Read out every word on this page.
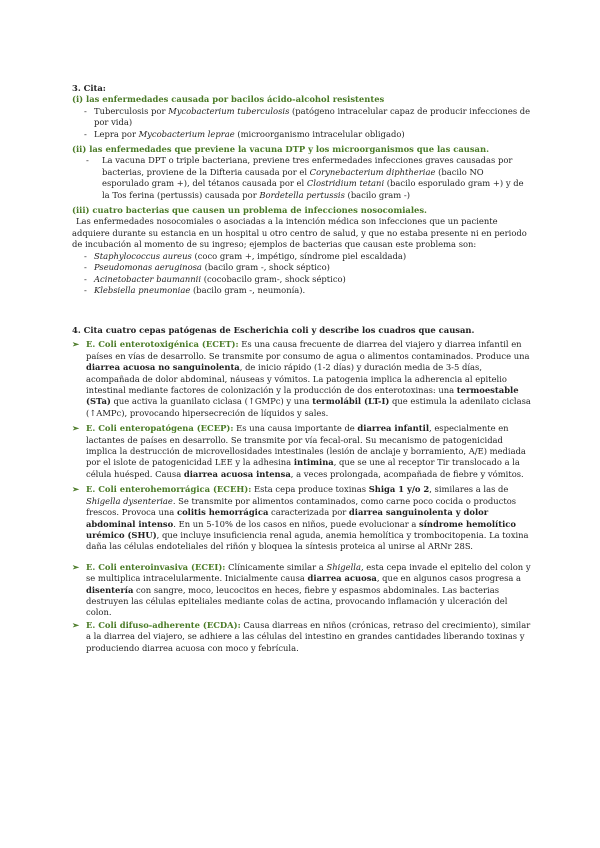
3. Cita:
(i) las enfermedades causada por bacilos ácido-alcohol resistentes
- Tuberculosis por Mycobacterium tuberculosis (patógeno intracelular capaz de producir infecciones de por vida)
- Lepra por Mycobacterium leprae (microorganismo intracelular obligado)
(ii) las enfermedades que previene la vacuna DTP y los microorganismos que las causan.
- La vacuna DPT o triple bacteriana, previene tres enfermedades infecciones graves causadas por bacterias, proviene de la Difteria causada por el Corynebacterium diphtheriae (bacilo NO esporulado gram +), del tétanos causada por el Clostridium tetani (bacilo esporulado gram +) y de la Tos ferina (pertussis) causada por Bordetella pertussis (bacilo gram -)
(iii) cuatro bacterias que causen un problema de infecciones nosocomiales.

Las enfermedades nosocomiales o asociadas a la intención médica son infecciones que un paciente adquiere durante su estancia en un hospital u otro centro de salud, y que no estaba presente ni en periodo de incubación al momento de su ingreso; ejemplos de bacterias que causan este problema son:

- Staphylococcus aureus (coco gram +, impétigo, síndrome piel escaldada)
- Pseudomonas aeruginosa (bacilo gram -, shock séptico)
- Acinetobacter baumannii (cocobacilo gram-, shock séptico)
- Klebsiella pneumoniae (bacilo gram -, neumonía).
4. Cita cuatro cepas patógenas de Escherichia coli y describe los cuadros que causan.
➢ E. Coli enterotoxigénica (ECET): Es una causa frecuente de diarrea del viajero y diarrea infantil en países en vías de desarrollo. Se transmite por consumo de agua o alimentos contaminados. Produce una diarrea acuosa no sanguinolenta, de inicio rápido (1-2 días) y duración media de 3-5 días, acompañada de dolor abdominal, náuseas y vómitos. La patogenia implica la adherencia al epitelio intestinal mediante factores de colonización y la producción de dos enterotoxinas: una termoestable (STa) que activa la guanilato ciclasa (↑GMPc) y una termolábil (LT-I) que estimula la adenilato ciclasa (↑AMPc), provocando hipersecreción de líquidos y sales.
➢ E. Coli enteropatógena (ECEP): Es una causa importante de diarrea infantil, especialmente en lactantes de países en desarrollo. Se transmite por vía fecal-oral. Su mecanismo de patogenicidad implica la destrucción de microvellosidades intestinales (lesión de anclaje y borramiento, A/E) mediada por el islote de patogenicidad LEE y la adhesina intimina, que se une al receptor Tir translocado a la célula huésped. Causa diarrea acuosa intensa, a veces prolongada, acompañada de fiebre y vómitos.
➢ E. Coli enterohemorrágica (ECEH): Esta cepa produce toxinas Shiga 1 y/o 2, similares a las de Shigella dysenteriae. Se transmite por alimentos contaminados, como carne poco cocida o productos frescos. Provoca una colitis hemorrágica caracterizada por diarrea sanguinolenta y dolor abdominal intenso. En un 5-10% de los casos en niños, puede evolucionar a síndrome hemolítico urémico (SHU), que incluye insuficiencia renal aguda, anemia hemolítica y trombocitopenia. La toxina daña las células endoteliales del riñón y bloquea la síntesis proteica al unirse al ARNr 28S.
➢ E. Coli enteroinvasiva (ECEI): Clínicamente similar a Shigella, esta cepa invade el epitelio del colon y se multiplica intracelularmente. Inicialmente causa diarrea acuosa, que en algunos casos progresa a disentería con sangre, moco, leucocitos en heces, fiebre y espasmos abdominales. Las bacterias destruyen las células epiteliales mediante colas de actina, provocando inflamación y ulceración del colon.
➢ E. Coli difuso-adherente (ECDA): Causa diarreas en niños (crónicas, retraso del crecimiento), similar a la diarrea del viajero, se adhiere a las células del intestino en grandes cantidades liberando toxinas y produciendo diarrea acuosa con moco y febrícula.
